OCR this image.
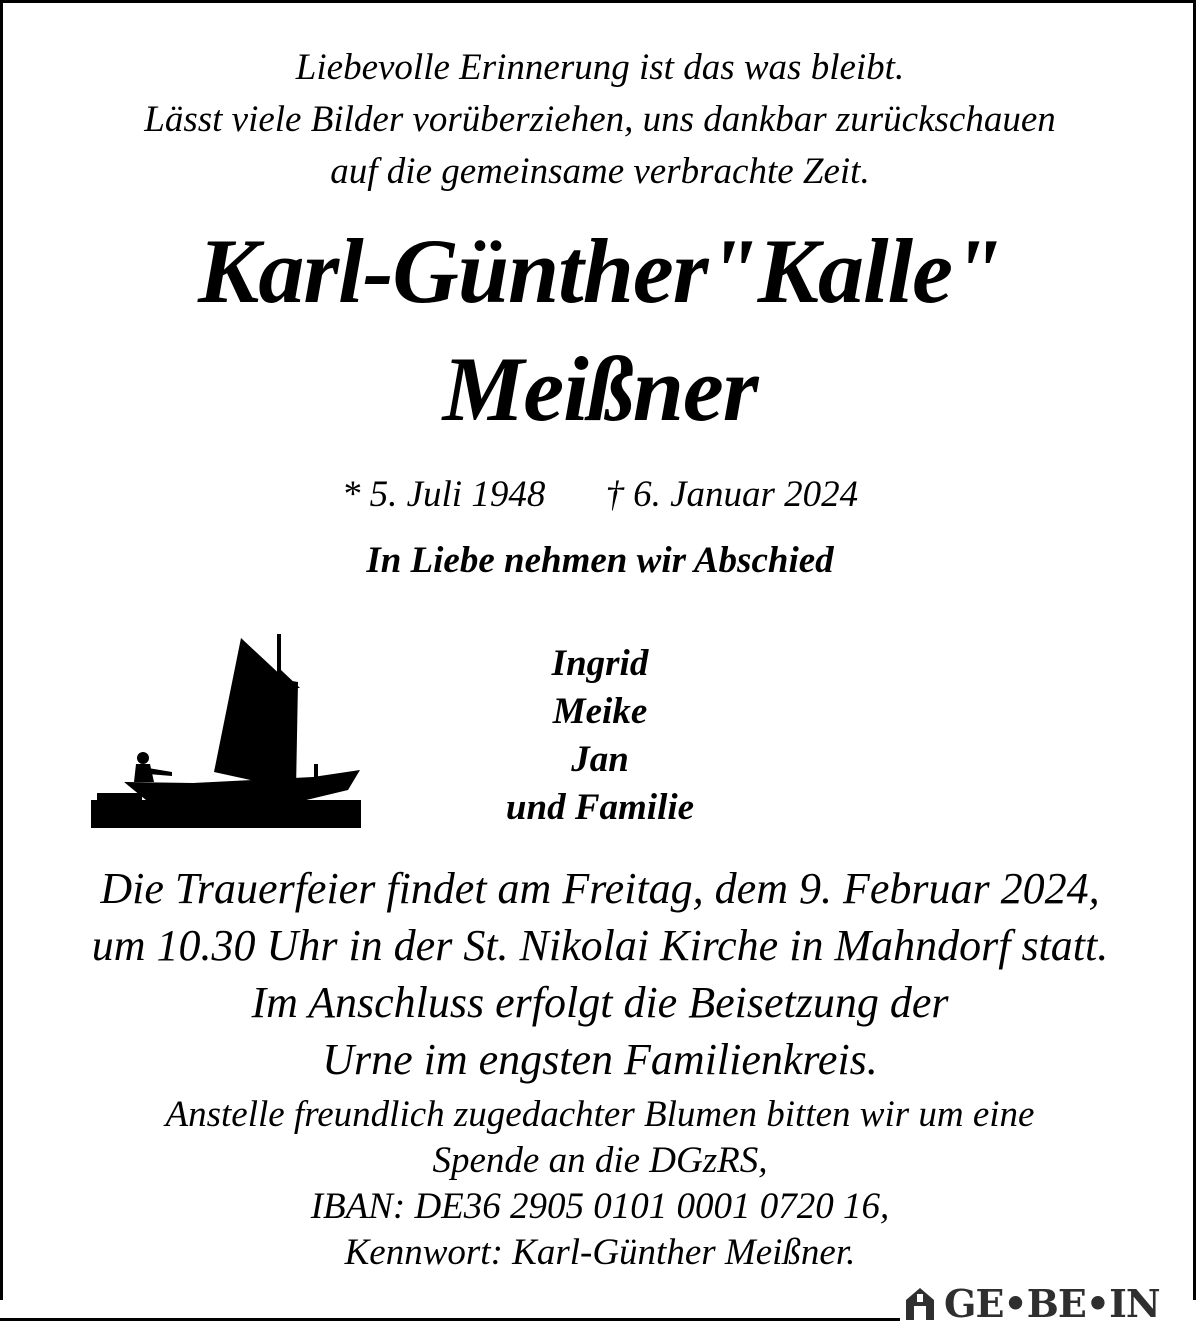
Liebevolle Erinnerung ist das was bleibt.
Lässt viele Bilder vorüberziehen, uns dankbar zurückschauen
auf die gemeinsame verbrachte Zeit.
Karl-Günther"Kalle"
Meißner
* 5. Juli 1948 † 6. Januar 2024
In Liebe nehmen wir Abschied
Ingrid
Meike
Jan
und Familie
Die Trauerfeier findet am Freitag, dem 9. Februar 2024,
um 10.30 Uhr in der St. Nikolai Kirche in Mahndorf statt.
Im Anschluss erfolgt die Beisetzung der
Urne im engsten Familienkreis.
Anstelle freundlich zugedachter Blumen bitten wir um eine
Spende an die DGzRS,
IBAN: DE36 2905 0101 0001 0720 16,
Kennwort: Karl-Günther Meißner.
GE•BE•IN
